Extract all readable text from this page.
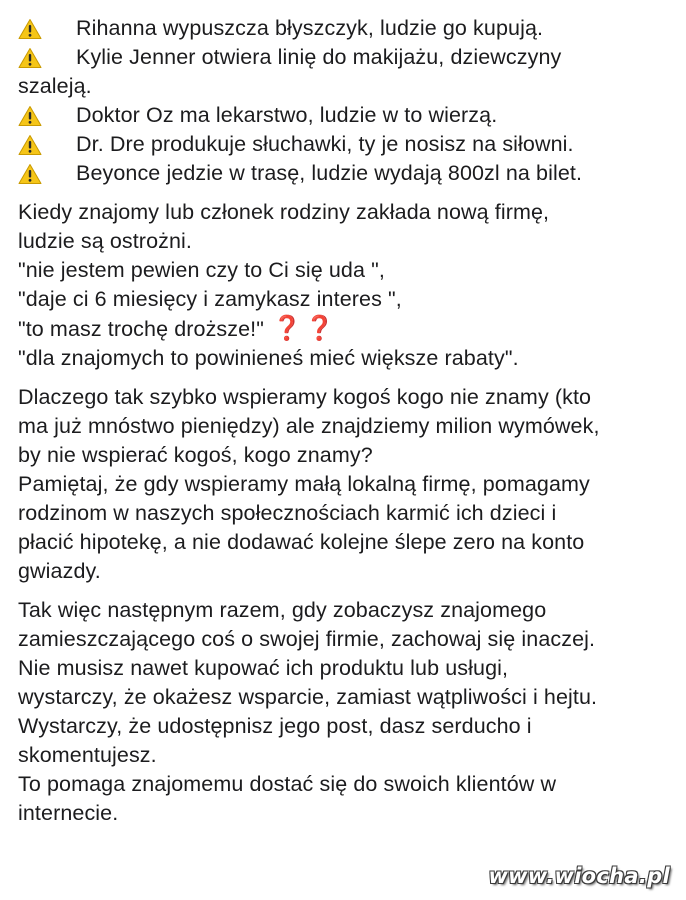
Rihanna wypuszcza błyszczyk, ludzie go kupują.
Kylie Jenner otwiera linię do makijażu, dziewczyny
szaleją.
Doktor Oz ma lekarstwo, ludzie w to wierzą.
Dr. Dre produkuje słuchawki, ty je nosisz na siłowni.
Beyonce jedzie w trasę, ludzie wydają 800zl na bilet.
Kiedy znajomy lub członek rodziny zakłada nową firmę,
ludzie są ostrożni.
"nie jestem pewien czy to Ci się uda ",
"daje ci 6 miesięcy i zamykasz interes ",
"to masz trochę droższe!" ❓❓
"dla znajomych to powinieneś mieć większe rabaty".
Dlaczego tak szybko wspieramy kogoś kogo nie znamy (kto
ma już mnóstwo pieniędzy) ale znajdziemy milion wymówek,
by nie wspierać kogoś, kogo znamy?
Pamiętaj, że gdy wspieramy małą lokalną firmę, pomagamy
rodzinom w naszych społecznościach karmić ich dzieci i
płacić hipotekę, a nie dodawać kolejne ślepe zero na konto
gwiazdy.
Tak więc następnym razem, gdy zobaczysz znajomego
zamieszczającego coś o swojej firmie, zachowaj się inaczej.
Nie musisz nawet kupować ich produktu lub usługi,
wystarczy, że okażesz wsparcie, zamiast wątpliwości i hejtu.
Wystarczy, że udostępnisz jego post, dasz serducho i
skomentujesz.
To pomaga znajomemu dostać się do swoich klientów w
internecie.
www.wiocha.pl
